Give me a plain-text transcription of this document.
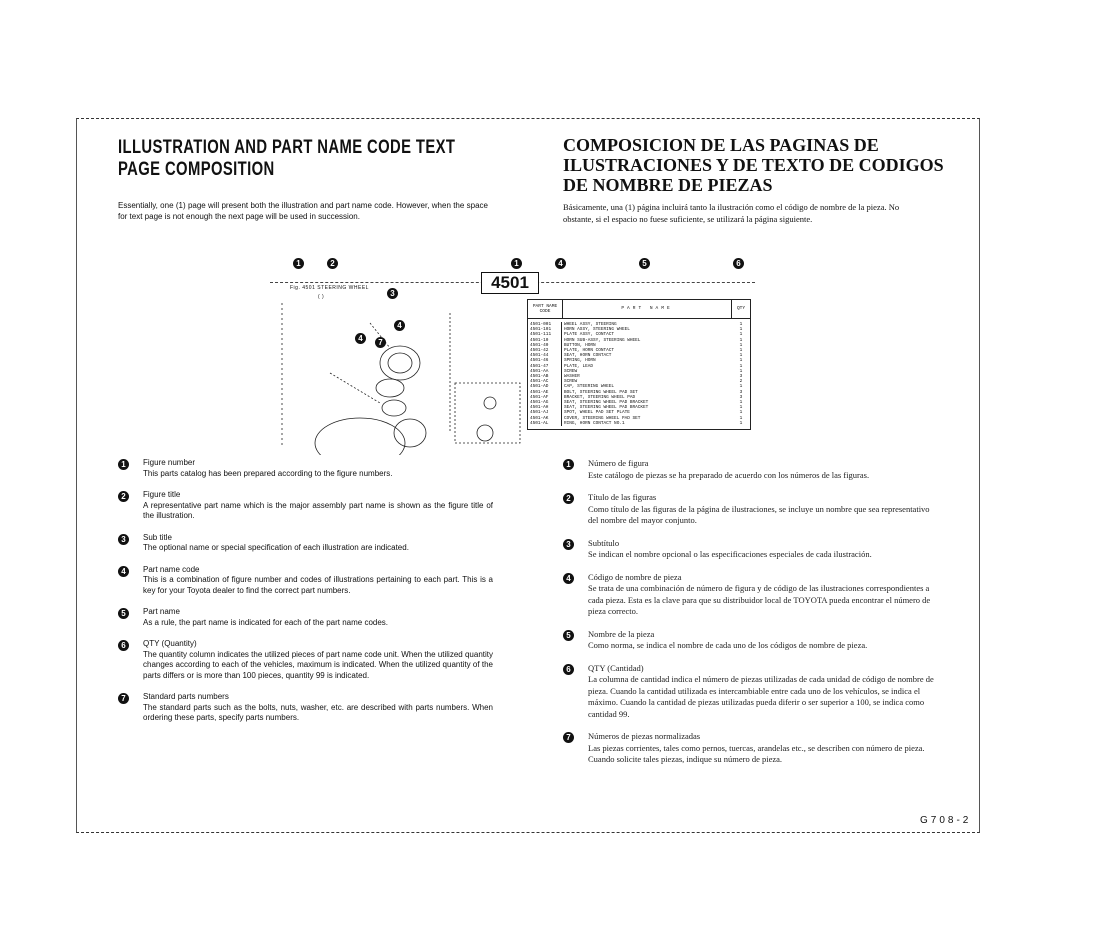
ILLUSTRATION AND PART NAME CODE TEXT PAGE COMPOSITION
COMPOSICION DE LAS PAGINAS DE ILUSTRACIONES Y DE TEXTO DE CODIGOS DE NOMBRE DE PIEZAS
Essentially, one (1) page will present both the illustration and part name code. However, when the space for text page is not enough the next page will be used in succession.
Básicamente, una (1) página incluirá tanto la ilustración como el código de nombre de la pieza. No obstante, si el espacio no fuese suficiente, se utilizará la página siguiente.
Fig. 4501 STEERING WHEEL
( )
4501
1	2
3
1	4	5	6
4
4
7
PART NAME CODE
PART NAME	QTY
4501-001	WHEEL ASSY, STEERING	1
4501-101	HORN ASSY, STEERING WHEEL	1
4501-111	PLATE ASSY, CONTACT	1
4501-10	HORN SUB-ASSY, STEERING WHEEL	1
4501-40	BUTTON, HORN	1
4501-42	PLATE, HORN CONTACT	1
4501-44	SEAT, HORN CONTACT	1
4501-46	SPRING, HORN	1
4501-47	PLATE, LEAD	1
4501-AA	SCREW	1
4501-AB	WASHER	3
4501-AC	SCREW	2
4501-AD	CAP, STEERING WHEEL	1
4501-AE	BOLT, STEERING WHEEL PAD SET	3
4501-AF	BRACKET, STEERING WHEEL PAD	3
4501-AG	SEAT, STEERING WHEEL PAD BRACKET	1
4501-AH	SEAT, STEERING WHEEL PAD BRACKET	1
4501-AJ	SPOT, WHEEL PAD SET PLATE	1
4501-AK	COVER, STEERING WHEEL PAD SET	1
4501-AL	RING, HORN CONTACT NO.1	1
1	Figure number
This parts catalog has been prepared according to the figure numbers.
2	Figure title
A representative part name which is the major assembly part name is shown as the figure title of the illustration.
3	Sub title
The optional name or special specification of each illustration are indicated.
4	Part name code
This is a combination of figure number and codes of illustrations pertaining to each part. This is a key for your Toyota dealer to find the correct part numbers.
5	Part name
As a rule, the part name is indicated for each of the part name codes.
6	QTY (Quantity)
The quantity column indicates the utilized pieces of part name code unit. When the utilized quantity changes according to each of the vehicles, maximum is indicated. When the utilized quantity of the parts differs or is more than 100 pieces, quantity 99 is indicated.
7	Standard parts numbers
The standard parts such as the bolts, nuts, washer, etc. are described with parts numbers. When ordering these parts, specify parts numbers.
1	Número de figura
Este catálogo de piezas se ha preparado de acuerdo con los números de las figuras.
2	Título de las figuras
Como título de las figuras de la página de ilustraciones, se incluye un nombre que sea representativo del nombre del mayor conjunto.
3	Subtítulo
Se indican el nombre opcional o las especificaciones especiales de cada ilustración.
4	Código de nombre de pieza
Se trata de una combinación de número de figura y de código de las ilustraciones correspondientes a cada pieza. Esta es la clave para que su distribuidor local de TOYOTA pueda encontrar el número de pieza correcto.
5	Nombre de la pieza
Como norma, se indica el nombre de cada uno de los códigos de nombre de pieza.
6	QTY (Cantidad)
La columna de cantidad indica el número de piezas utilizadas de cada unidad de código de nombre de pieza. Cuando la cantidad utilizada es intercambiable entre cada uno de los vehículos, se indica el máximo. Cuando la cantidad de piezas utilizadas pueda diferir o ser superior a 100, se indica como cantidad 99.
7	Números de piezas normalizadas
Las piezas corrientes, tales como pernos, tuercas, arandelas etc., se describen con número de pieza. Cuando solicite tales piezas, indique su número de pieza.
G708-2
